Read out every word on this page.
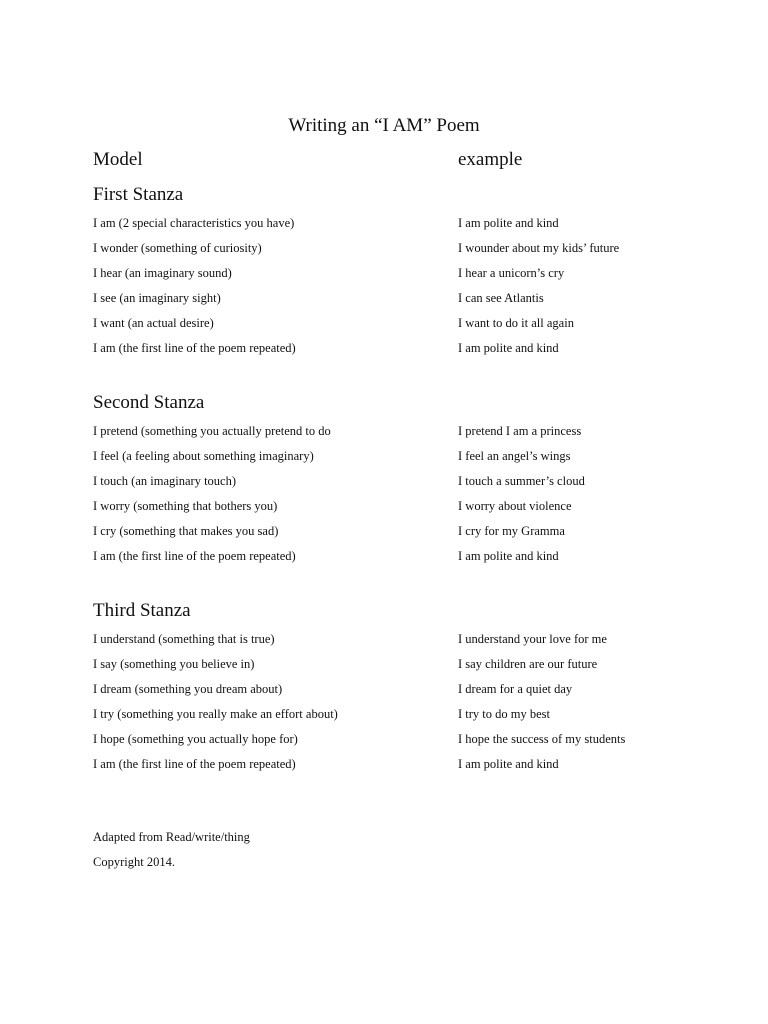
Writing an “I AM” Poem
Model	example
First Stanza
I am (2 special characteristics you have)	I am polite and kind
I wonder (something of curiosity)	I wounder about my kids’ future
I hear (an imaginary sound)	I hear a unicorn’s cry
I see (an imaginary sight)	I can see Atlantis
I want (an actual desire)	I want to do it all again
I am (the first line of the poem repeated)	I am polite and kind
Second Stanza
I pretend (something you actually pretend to do	I pretend I am a princess
I feel (a feeling about something imaginary)	I feel an angel’s wings
I touch (an imaginary touch)	I touch a summer’s cloud
I worry (something that bothers you)	I worry about violence
I cry (something that makes you sad)	I cry for my Gramma
I am (the first line of the poem repeated)	I am polite and kind
Third Stanza
I understand (something that is true)	I understand your love for me
I say (something you believe in)	I say children are our future
I dream (something you dream about)	I dream for a quiet day
I try (something you really make an effort about)	I try to do my best
I hope (something you actually hope for)	I hope the success of my students
I am (the first line of the poem repeated)	I am polite and kind
Adapted from Read/write/thing
Copyright 2014.
